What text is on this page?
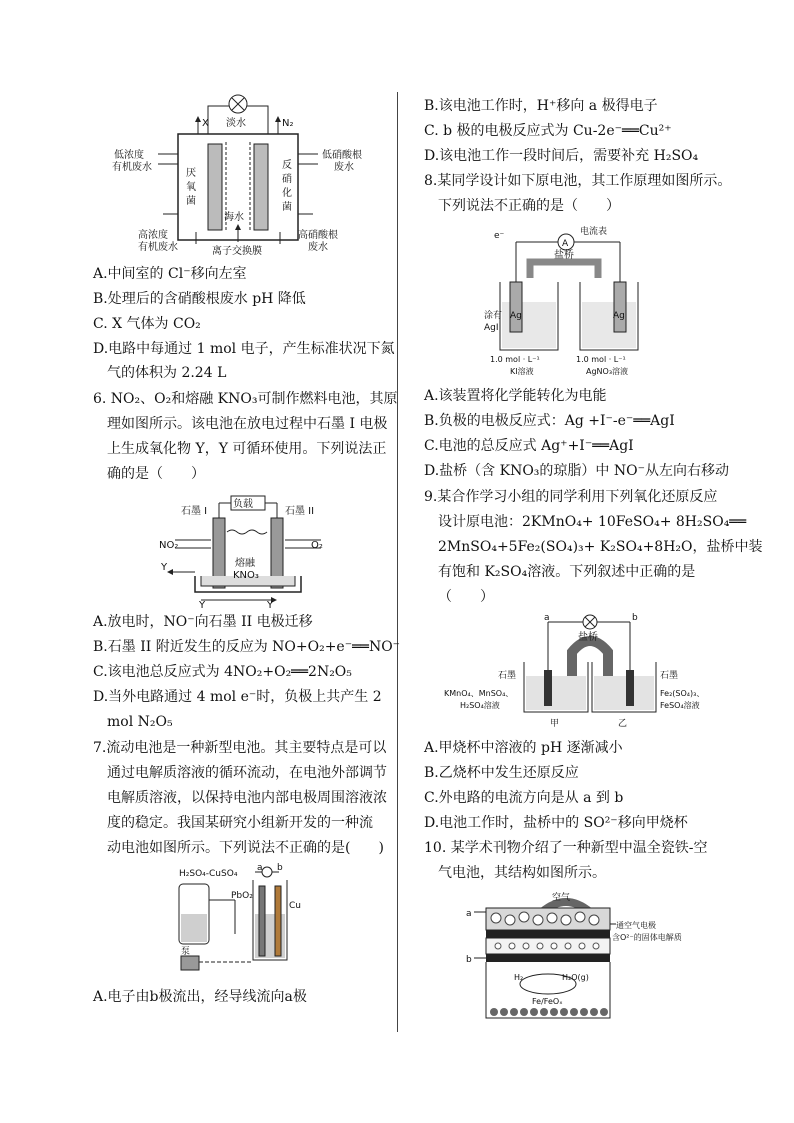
X 淡水	N₂
低浓度
有机废水
厌
氧
菌
反
硝
化
菌
低硝酸根
废水
海水
离子交换膜
高浓度
有机废水
高硝酸根
废水
A.中间室的 Cl⁻移向左室
B.处理后的含硝酸根废水 pH 降低
C. X 气体为 CO₂
D.电路中每通过 1 mol 电子，产生标准状况下氮
气的体积为 2.24 L
6. NO₂、O₂和熔融 KNO₃可制作燃料电池，其原
理如图所示。该电池在放电过程中石墨 I 电极
上生成氧化物 Y，Y 可循环使用。下列说法正
确的是（　　）
负载
石墨 I	石墨 II
NO₂	O₂
Y
Y	Y
熔融
KNO₃
A.放电时，NO⁻向石墨 II 电极迁移
B.石墨 II 附近发生的反应为 NO+O₂+e⁻══NO⁻
C.该电池总反应式为 4NO₂+O₂══2N₂O₅
D.当外电路通过 4 mol e⁻时，负极上共产生 2
mol N₂O₅
7.流动电池是一种新型电池。其主要特点是可以
通过电解质溶液的循环流动，在电池外部调节
电解质溶液，以保持电池内部电极周围溶液浓
度的稳定。我国某研究小组新开发的一种流
动电池如图所示。下列说法不正确的是(　　)
H₂SO₄-CuSO₄
a b
PbO₂
Cu
泵
A.电子由b极流出，经导线流向a极
B.该电池工作时，H⁺移向 a 极得电子
C. b 极的电极反应式为 Cu-2e⁻══Cu²⁺
D.该电池工作一段时间后，需要补充 H₂SO₄
8.某同学设计如下原电池，其工作原理如图所示。
下列说法不正确的是（　　）
e⁻	电流表
A
盐桥
涂有
AgI
Ag	Ag
1.0 mol · L⁻¹
KI溶液
1.0 mol · L⁻¹
AgNO₃溶液
A.该装置将化学能转化为电能
B.负极的电极反应式：Ag +I⁻-e⁻══AgI
C.电池的总反应式 Ag⁺+I⁻══AgI
D.盐桥（含 KNO₃的琼脂）中 NO⁻从左向右移动
9.某合作学习小组的同学利用下列氧化还原反应
设计原电池：2KMnO₄+ 10FeSO₄+ 8H₂SO₄══
2MnSO₄+5Fe₂(SO₄)₃+ K₂SO₄+8H₂O，盐桥中装
有饱和 K₂SO₄溶液。下列叙述中正确的是
（　　）
a	b
盐桥
石墨	石墨
KMnO₄、MnSO₄、
H₂SO₄溶液
Fe₂(SO₄)₃、
FeSO₄溶液
甲	乙
A.甲烧杯中溶液的 pH 逐渐减小
B.乙烧杯中发生还原反应
C.外电路的电流方向是从 a 到 b
D.电池工作时，盐桥中的 SO²⁻移向甲烧杯
10. 某学术刊物介绍了一种新型中温全瓷铁-空
气电池，其结构如图所示。
空气
a
b
通空气电极
含O²⁻的固体电解质
H₂	H₂O(g)
Fe/FeOₓ
